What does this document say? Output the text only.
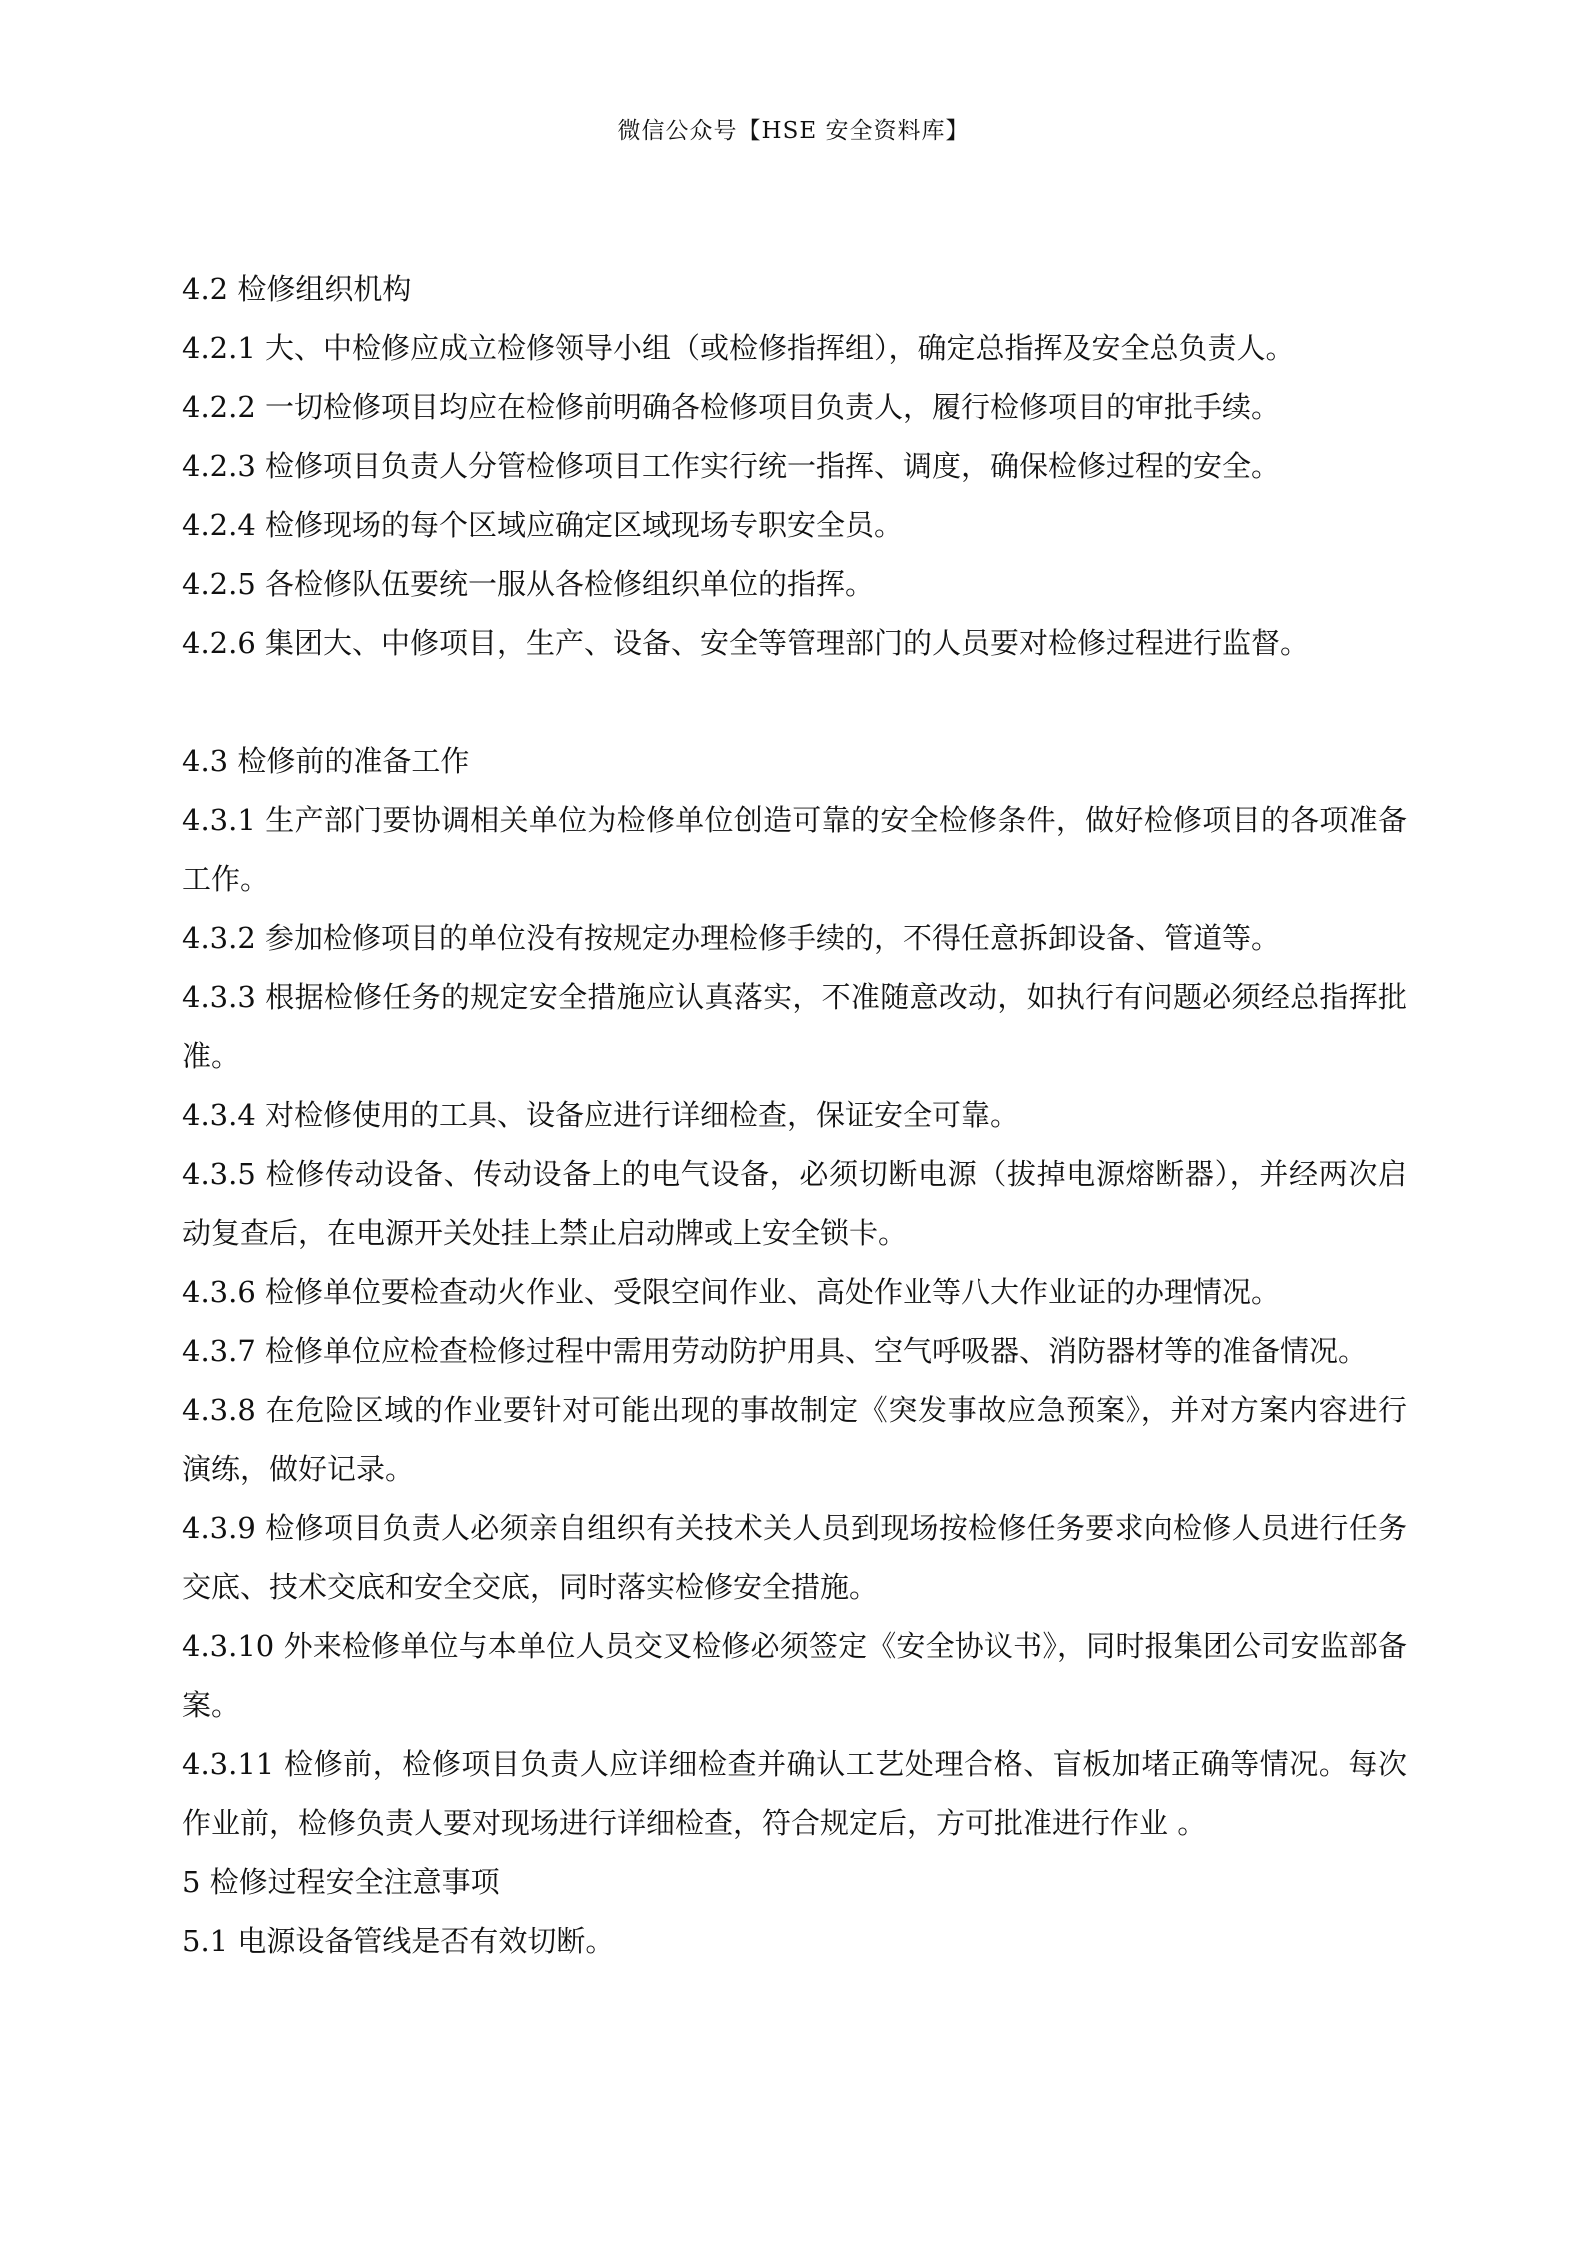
微信公众号【HSE 安全资料库】

4.2 检修组织机构

4.2.1 大、中检修应成立检修领导小组（或检修指挥组），确定总指挥及安全总负责人。

4.2.2 一切检修项目均应在检修前明确各检修项目负责人，履行检修项目的审批手续。

4.2.3 检修项目负责人分管检修项目工作实行统一指挥、调度，确保检修过程的安全。

4.2.4 检修现场的每个区域应确定区域现场专职安全员。

4.2.5 各检修队伍要统一服从各检修组织单位的指挥。

4.2.6 集团大、中修项目，生产、设备、安全等管理部门的人员要对检修过程进行监督。

4.3 检修前的准备工作

4.3.1 生产部门要协调相关单位为检修单位创造可靠的安全检修条件，做好检修项目的各项准备工作。

4.3.2 参加检修项目的单位没有按规定办理检修手续的，不得任意拆卸设备、管道等。

4.3.3 根据检修任务的规定安全措施应认真落实，不准随意改动，如执行有问题必须经总指挥批准。

4.3.4 对检修使用的工具、设备应进行详细检查，保证安全可靠。

4.3.5 检修传动设备、传动设备上的电气设备，必须切断电源（拔掉电源熔断器），并经两次启动复查后，在电源开关处挂上禁止启动牌或上安全锁卡。

4.3.6 检修单位要检查动火作业、受限空间作业、高处作业等八大作业证的办理情况。

4.3.7 检修单位应检查检修过程中需用劳动防护用具、空气呼吸器、消防器材等的准备情况。

4.3.8 在危险区域的作业要针对可能出现的事故制定《突发事故应急预案》，并对方案内容进行演练，做好记录。

4.3.9 检修项目负责人必须亲自组织有关技术关人员到现场按检修任务要求向检修人员进行任务交底、技术交底和安全交底，同时落实检修安全措施。

4.3.10 外来检修单位与本单位人员交叉检修必须签定《安全协议书》，同时报集团公司安监部备案。

4.3.11 检修前，检修项目负责人应详细检查并确认工艺处理合格、盲板加堵正确等情况。每次作业前，检修负责人要对现场进行详细检查，符合规定后，方可批准进行作业 。

5 检修过程安全注意事项

5.1 电源设备管线是否有效切断。
